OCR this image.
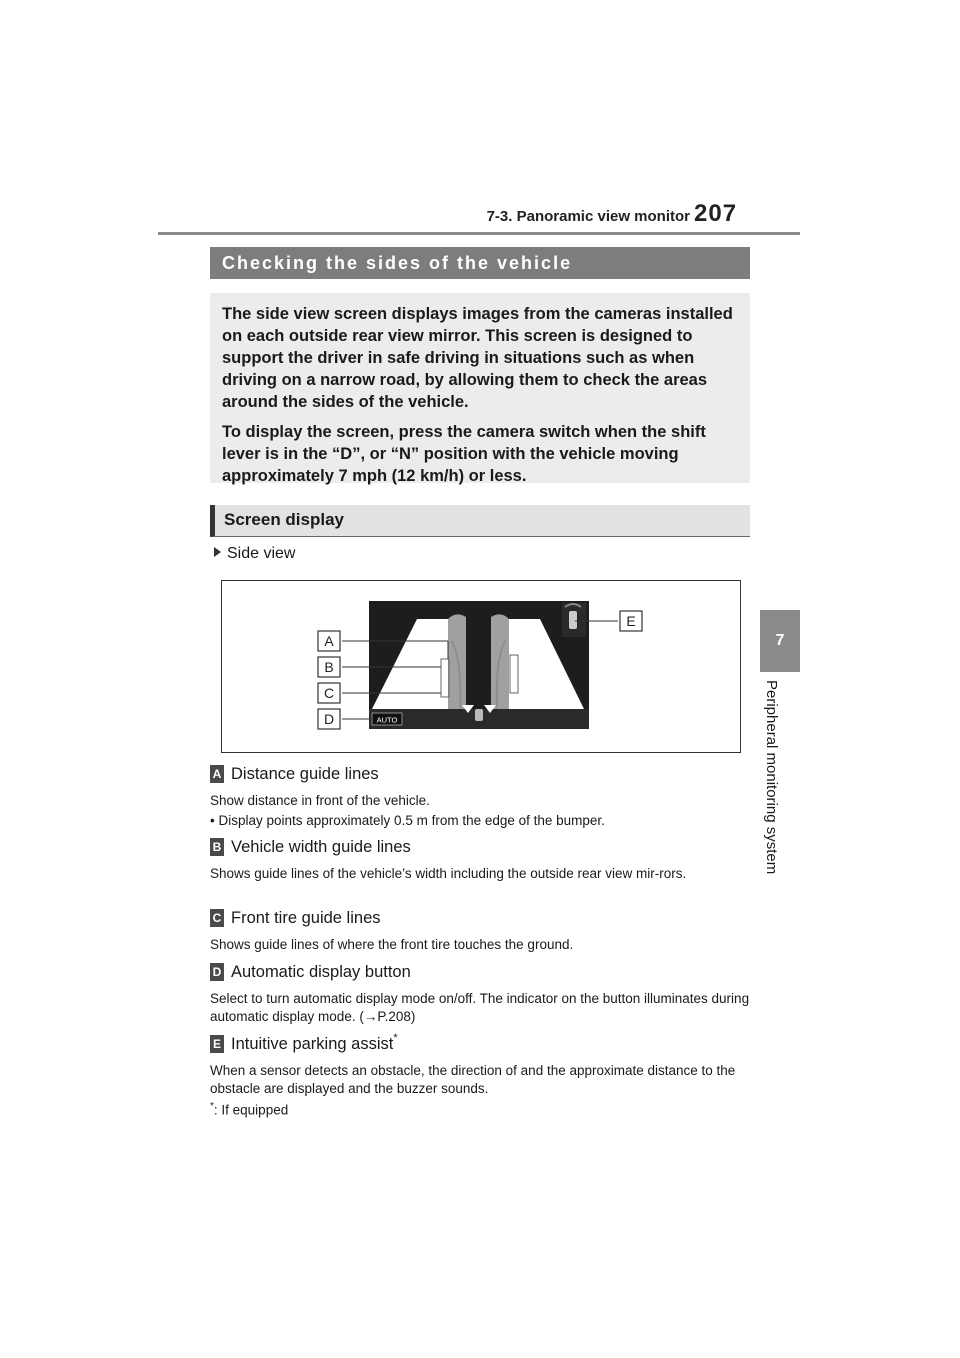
7-3. Panoramic view monitor 207
7
Peripheral monitoring system
Checking the sides of the vehicle

The side view screen displays images from the cameras installed on each outside rear view mirror. This screen is designed to support the driver in safe driving in situations such as when driving on a narrow road, by allowing them to check the areas around the sides of the vehicle.

To display the screen, press the camera switch when the shift lever is in the “D”, or “N” position with the vehicle moving approximately 7 mph (12 km/h) or less.

Screen display
Side view
AUTO
A
B
C
D
E
A Distance guide lines
Show distance in front of the vehicle.
• Display points approximately 0.5 m from the edge of the bumper.
B Vehicle width guide lines
Shows guide lines of the vehicle’s width including the outside rear view mir-rors.
C Front tire guide lines
Shows guide lines of where the front tire touches the ground.
D Automatic display button
Select to turn automatic display mode on/off. The indicator on the button illuminates during automatic display mode. (→P.208)
E Intuitive parking assist*
When a sensor detects an obstacle, the direction of and the approximate distance to the obstacle are displayed and the buzzer sounds.
*: If equipped
